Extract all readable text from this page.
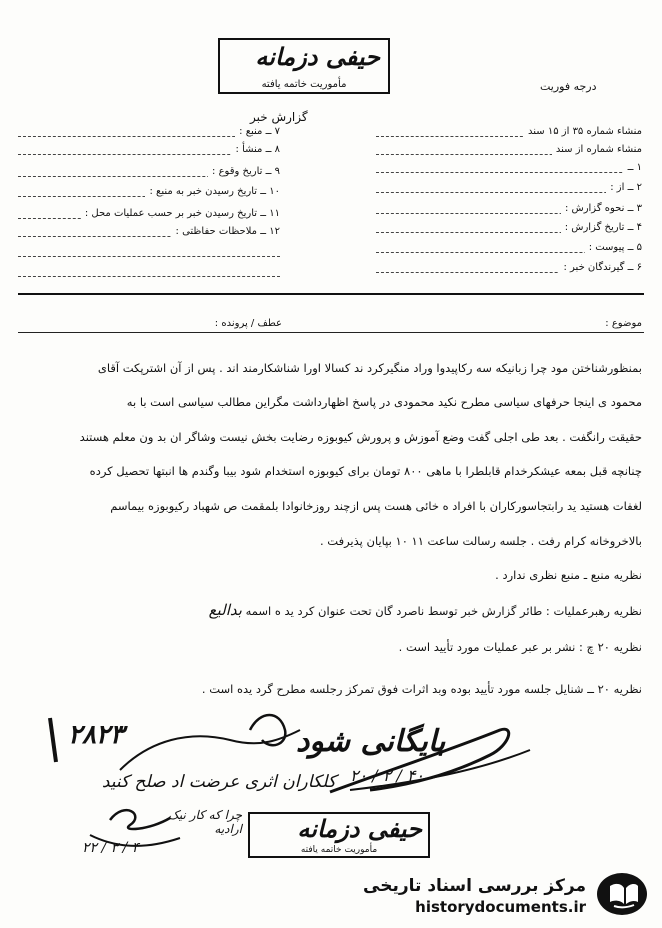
حیفی دزمانه
مأموریت خاتمه یافته	درجه فوریت
گزارش خبر
منشاء شماره ۳۵ از ۱۵ سند
منشاء شماره از سند
۱ ــ
۲ ــ از :
۳ ــ نحوه گزارش :
۴ ــ تاریخ گزارش :
۵ ــ پیوست :
۶ ــ گیرندگان خبر :
۷ ــ منبع :
۸ ــ منشأ :
۹ ــ تاریخ وقوع :
۱۰ ــ تاریخ رسیدن خبر به منبع :
۱۱ ــ تاریخ رسیدن خبر بر حسب عملیات محل :
۱۲ ــ ملاحظات حفاظتی :
موضوع :
عطف / پرونده :
بمنظورشناختن مود چرا زبانیکه سه رکاپیدوا وراد منگیرکرد ند کسالا اورا شناشکارمند اند . پس از آن اشترپکت آقای
محمود ی اینجا حرفهای سیاسی مطرح نکید محمودی در پاسخ اظهارداشت مگراین مطالب سیاسی است با به
حقیقت رانگفت . بعد طی اجلی گفت وضع آموزش و پرورش کیوبوزه رضایت بخش نیست وشاگر ان بد ون معلم هستند
چنانچه قبل بمعه عیشکرخدام قابلطرا با ماهی ۸۰۰ تومان برای کیوبوزه استخدام شود بیبا وگندم ها انبتها تحصیل کرده
لغفات هستید ید رابتجاسورکاران با افراد ه خائی هست پس ازچند روزخانوادا بلمقمت ص شهباد رکیوبوزه بیماسم
بالاخروخانه کرام رفت . جلسه رسالت ساعت ۱۱ ۱۰ بپایان پذیرفت .
نظریه منبع ـ منبع نظری ندارد .
نظریه رهبرعملیات : طائر گزارش خبر توسط ناصرد گان تحت عنوان کرد ید ه اسمه بدالیع
نظریه ۲۰ چ : نشر بر عبر عملیات مورد تأیید است .
نظریه ۲۰ ــ شنایل جلسه مورد تأیید بوده وبد اثرات فوق تمرکز رجلسه مطرح گرد یده است .
بایگانی شود
۲۰ / ۲ / ۴۰
۲۸۲۳
کلکاران اثری عرضت اد صلح کنید
چرا که کار نیک ارادیه
۲۲ / ۳ / ۴
حیفی دزمانه
مأموریت خاتمه یافته
مرکز بررسی اسناد تاریخی
historydocuments.ir
